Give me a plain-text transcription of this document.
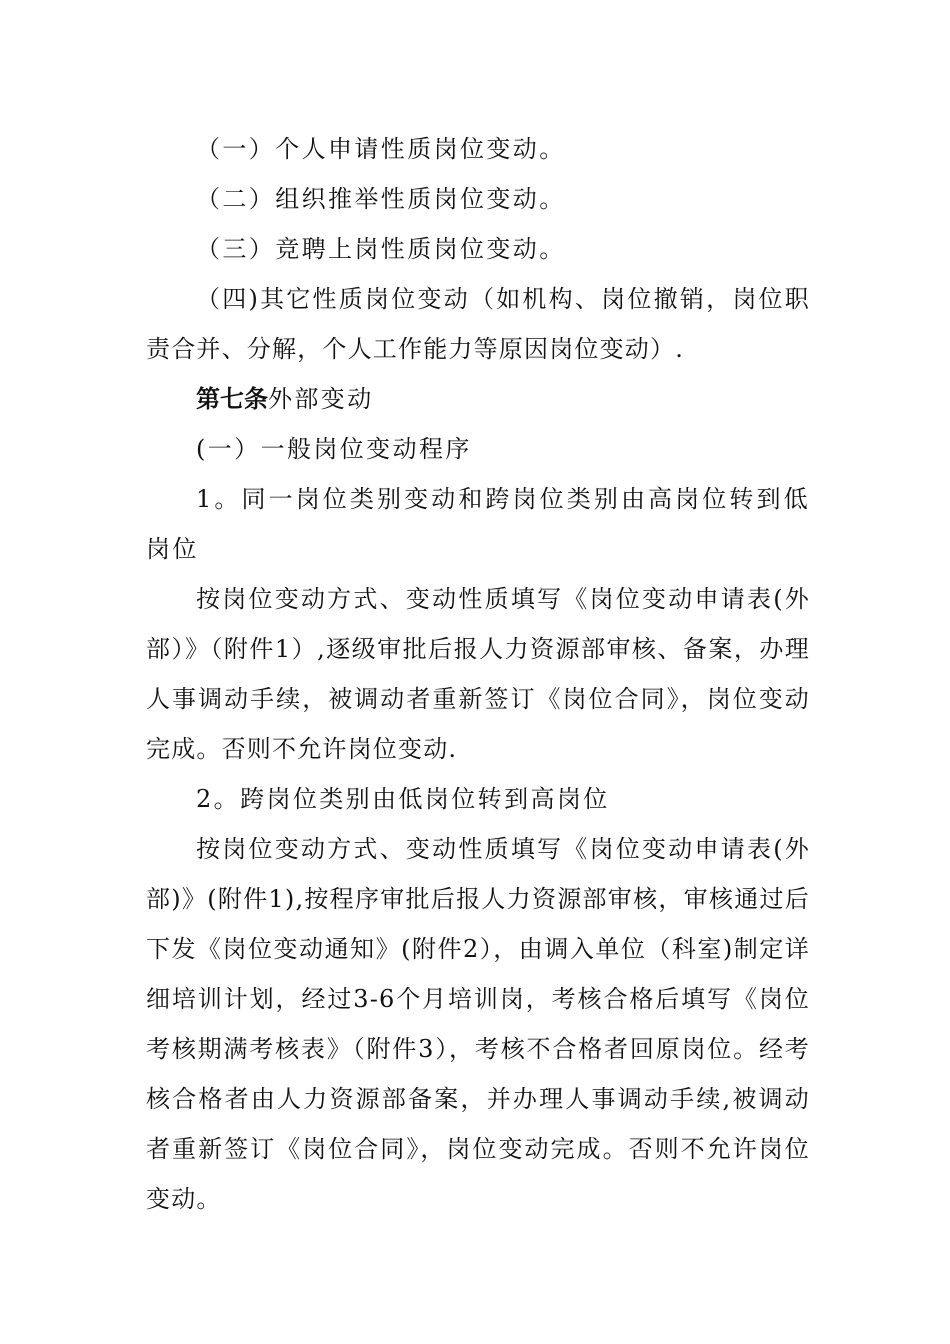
（一）个人申请性质岗位变动。

（二）组织推举性质岗位变动。

（三）竞聘上岗性质岗位变动。

（四)其它性质岗位变动（如机构、岗位撤销，岗位职责合并、分解，个人工作能力等原因岗位变动）.

第七条外部变动

(一）一般岗位变动程序

1。同一岗位类别变动和跨岗位类别由高岗位转到低岗位

按岗位变动方式、变动性质填写《岗位变动申请表(外部）》（附件1）,逐级审批后报人力资源部审核、备案，办理人事调动手续，被调动者重新签订《岗位合同》，岗位变动完成。否则不允许岗位变动.

2。跨岗位类别由低岗位转到高岗位

按岗位变动方式、变动性质填写《岗位变动申请表(外部)》(附件1),按程序审批后报人力资源部审核，审核通过后下发《岗位变动通知》(附件2），由调入单位（科室)制定详细培训计划，经过3-6个月培训岗，考核合格后填写《岗位考核期满考核表》（附件3），考核不合格者回原岗位。经考核合格者由人力资源部备案，并办理人事调动手续,被调动者重新签订《岗位合同》，岗位变动完成。否则不允许岗位变动。
